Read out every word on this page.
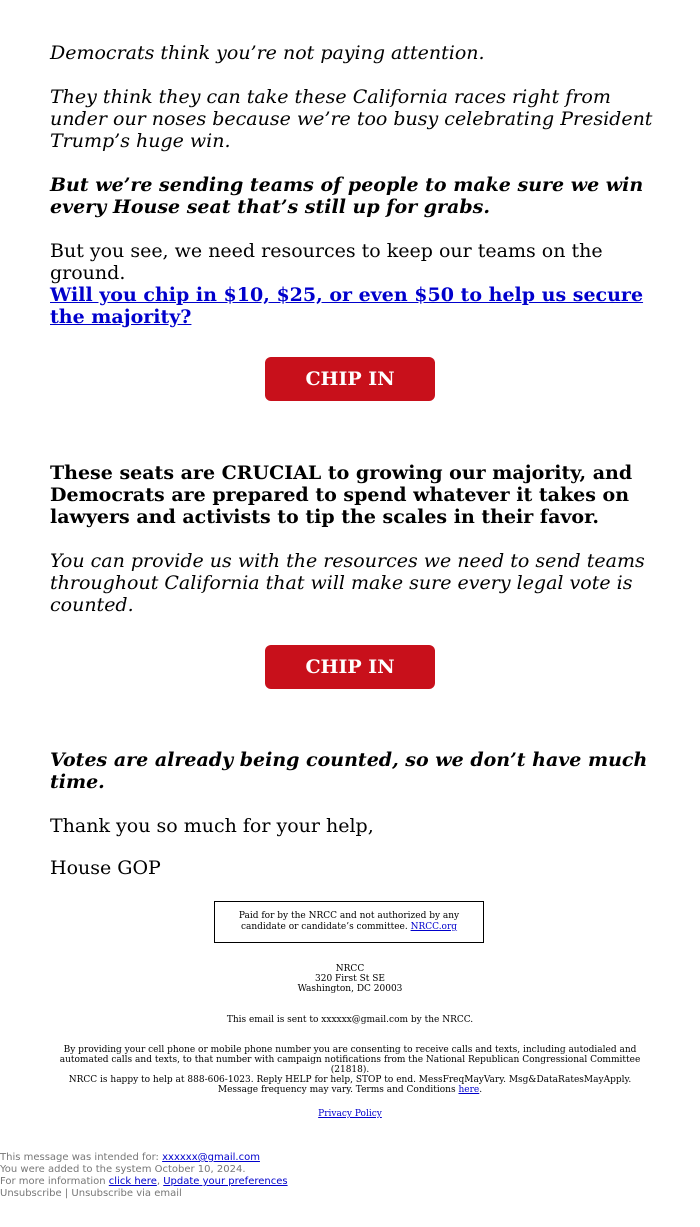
Democrats think you’re not paying attention.

They think they can take these California races right from under our noses because we’re too busy celebrating President Trump’s huge win.

But we’re sending teams of people to make sure we win every House seat that’s still up for grabs.

But you see, we need resources to keep our teams on the ground.
Will you chip in $10, $25, or even $50 to help us secure the majority?

CHIP IN NOW

These seats are CRUCIAL to growing our majority, and Democrats are prepared to spend whatever it takes on lawyers and activists to tip the scales in their favor.

You can provide us with the resources we need to send teams throughout California that will make sure every legal vote is counted.

CHIP IN NOW

Votes are already being counted, so we don’t have much time.

Thank you so much for your help,

House GOP

Paid for by the NRCC and not authorized by any candidate or candidate’s committee. NRCC.org
NRCC
320 First St SE
Washington, DC 20003
This email is sent to xxxxxx@gmail.com by the NRCC.
By providing your cell phone or mobile phone number you are consenting to receive calls and texts, including autodialed and automated calls and texts, to that number with campaign notifications from the National Republican Congressional Committee (21818).
NRCC is happy to help at 888-606-1023. Reply HELP for help, STOP to end. MessFreqMayVary. Msg&DataRatesMayApply. Message frequency may vary. Terms and Conditions here.
Privacy Policy
This message was intended for: xxxxxx@gmail.com
You were added to the system October 10, 2024.
For more information click here, Update your preferences
Unsubscribe | Unsubscribe via email
